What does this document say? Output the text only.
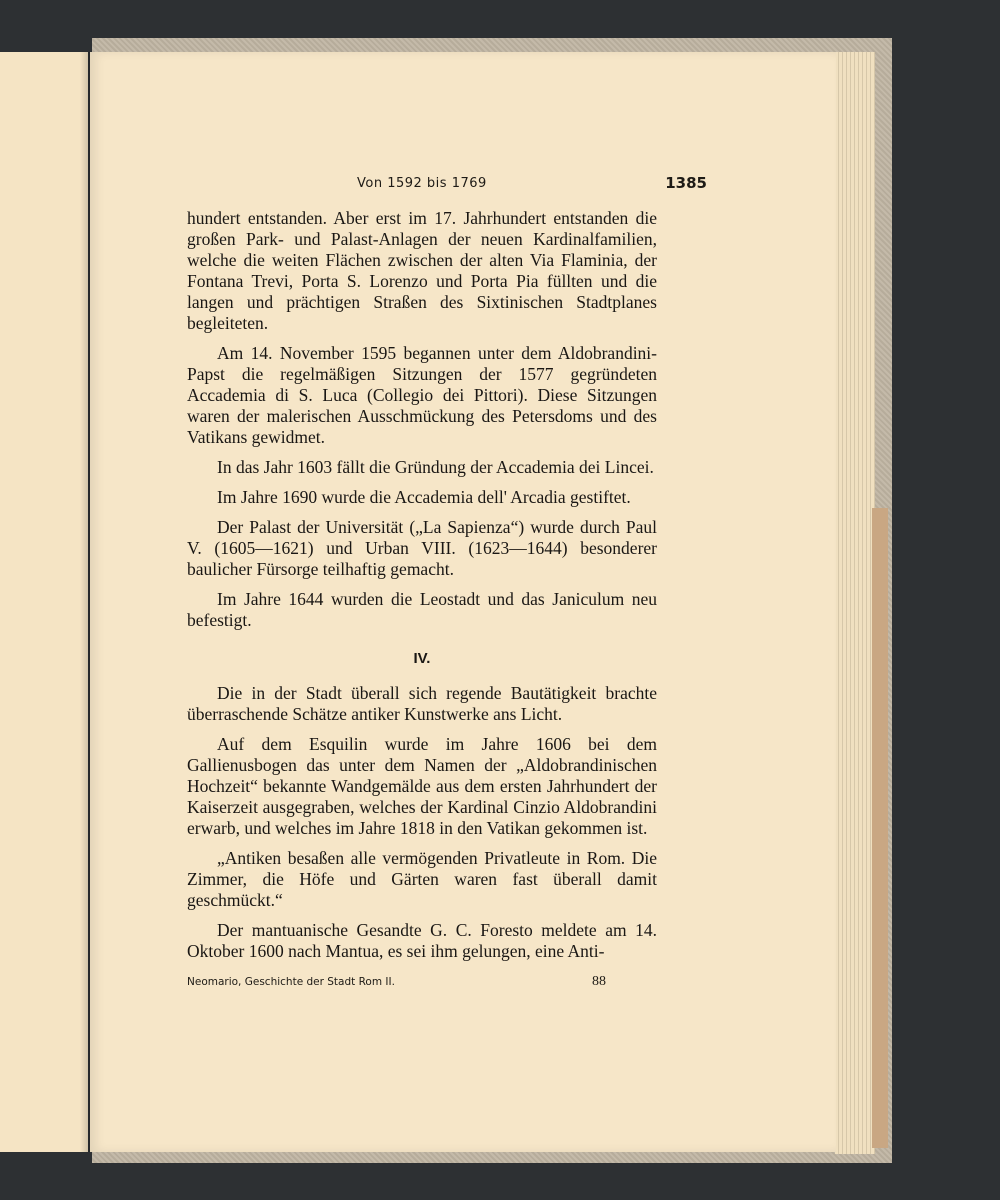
Von 1592 bis 1769	1385

hundert entstanden. Aber erst im 17. Jahrhundert entstanden die großen Park- und Palast-Anlagen der neuen Kardinalfamilien, welche die weiten Flächen zwischen der alten Via Flaminia, der Fontana Trevi, Porta S. Lorenzo und Porta Pia füllten und die langen und prächtigen Straßen des Sixtinischen Stadtplanes begleiteten.

Am 14. November 1595 begannen unter dem Aldobrandini-Papst die regelmäßigen Sitzungen der 1577 gegründeten Accademia di S. Luca (Collegio dei Pittori). Diese Sitzungen waren der malerischen Ausschmückung des Petersdoms und des Vatikans gewidmet.

In das Jahr 1603 fällt die Gründung der Accademia dei Lincei.

Im Jahre 1690 wurde die Accademia dell' Arcadia gestiftet.

Der Palast der Universität („La Sapienza“) wurde durch Paul V. (1605—1621) und Urban VIII. (1623—1644) besonderer baulicher Fürsorge teilhaftig gemacht.

Im Jahre 1644 wurden die Leostadt und das Janiculum neu befestigt.

IV.

Die in der Stadt überall sich regende Bautätigkeit brachte überraschende Schätze antiker Kunstwerke ans Licht.

Auf dem Esquilin wurde im Jahre 1606 bei dem Gallienusbogen das unter dem Namen der „Aldobrandinischen Hochzeit“ bekannte Wandgemälde aus dem ersten Jahrhundert der Kaiserzeit ausgegraben, welches der Kardinal Cinzio Aldobrandini erwarb, und welches im Jahre 1818 in den Vatikan gekommen ist.

„Antiken besaßen alle vermögenden Privatleute in Rom. Die Zimmer, die Höfe und Gärten waren fast überall damit geschmückt.“

Der mantuanische Gesandte G. C. Foresto meldete am 14. Oktober 1600 nach Mantua, es sei ihm gelungen, eine Anti-

Neomario, Geschichte der Stadt Rom II.	88
